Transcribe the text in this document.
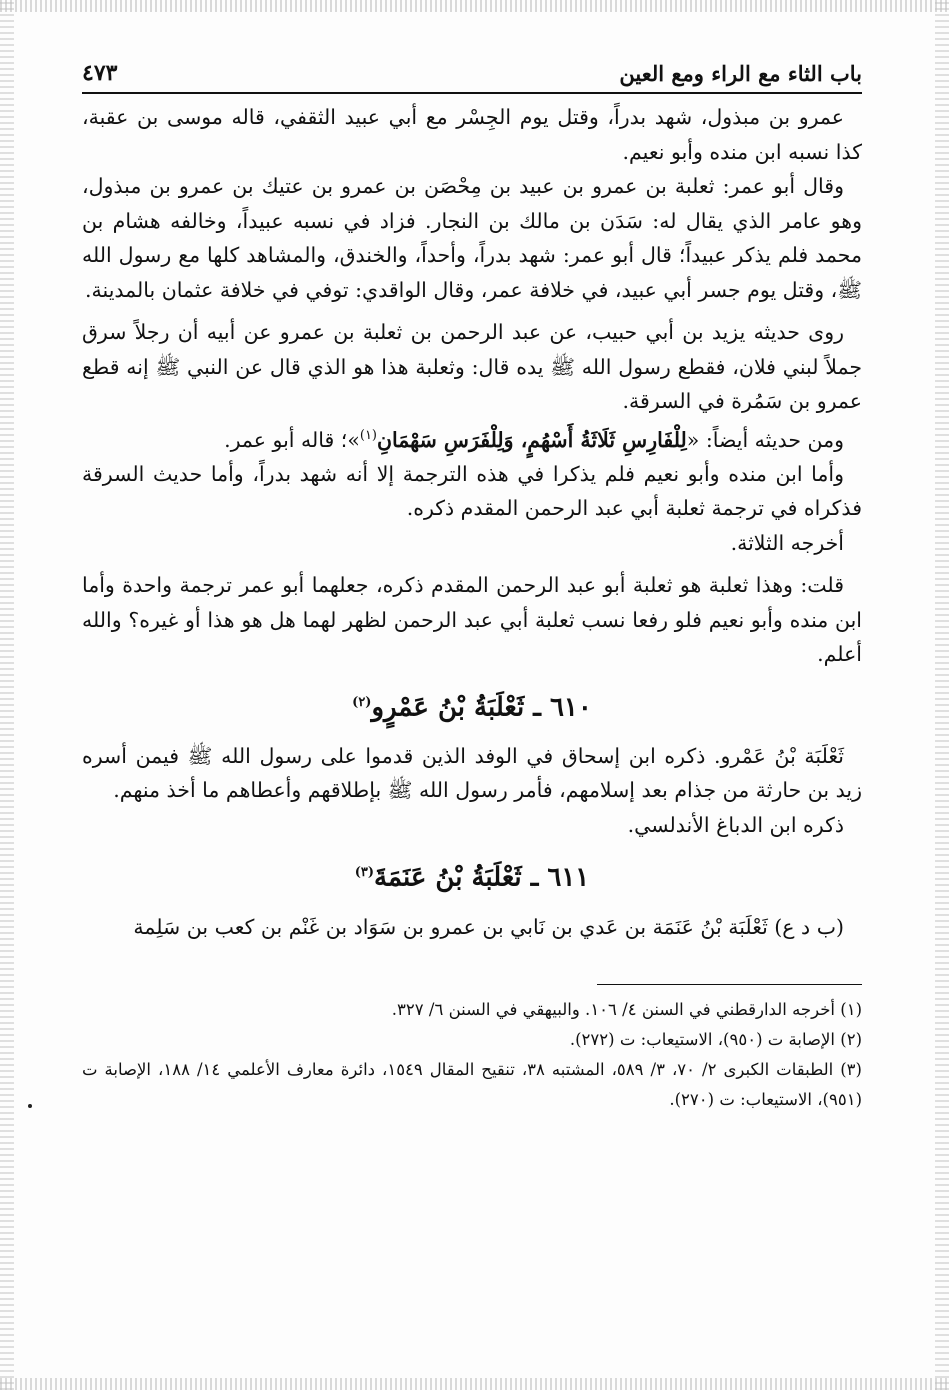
باب الثاء مع الراء ومع العين
٤٧٣

عمرو بن مبذول، شهد بدراً، وقتل يوم الجِسْر مع أبي عبيد الثقفي، قاله موسى بن عقبة، كذا نسبه ابن منده وأبو نعيم.

وقال أبو عمر: ثعلبة بن عمرو بن عبيد بن مِحْصَن بن عمرو بن عتيك بن عمرو بن مبذول، وهو عامر الذي يقال له: سَدَن بن مالك بن النجار. فزاد في نسبه عبيداً، وخالفه هشام بن محمد فلم يذكر عبيداً؛ قال أبو عمر: شهد بدراً، وأحداً، والخندق، والمشاهد كلها مع رسول الله ﷺ، وقتل يوم جسر أبي عبيد، في خلافة عمر، وقال الواقدي: توفي في خلافة عثمان بالمدينة.

روى حديثه يزيد بن أبي حبيب، عن عبد الرحمن بن ثعلبة بن عمرو عن أبيه أن رجلاً سرق جملاً لبني فلان، فقطع رسول الله ﷺ يده قال: وثعلبة هذا هو الذي قال عن النبي ﷺ إنه قطع عمرو بن سَمُرة في السرقة.

ومن حديثه أيضاً: «لِلْفَارِسِ ثَلَاثَةُ أَسْهُمٍ، وَلِلْفَرَسِ سَهْمَانِ$^{(١)}$»؛ قاله أبو عمر.

وأما ابن منده وأبو نعيم فلم يذكرا في هذه الترجمة إلا أنه شهد بدراً، وأما حديث السرقة فذكراه في ترجمة ثعلبة أبي عبد الرحمن المقدم ذكره.

أخرجه الثلاثة.

قلت: وهذا ثعلبة هو ثعلبة أبو عبد الرحمن المقدم ذكره، جعلهما أبو عمر ترجمة واحدة وأما ابن منده وأبو نعيم فلو رفعا نسب ثعلبة أبي عبد الرحمن لظهر لهما هل هو هذا أو غيره؟ والله أعلم.

٦١٠ ـ ثَعْلَبَةُ بْنُ عَمْرٍو$^{(٢)}$

ثَعْلَبَة بْنُ عَمْرو. ذكره ابن إسحاق في الوفد الذين قدموا على رسول الله ﷺ فيمن أسره زيد بن حارثة من جذام بعد إسلامهم، فأمر رسول الله ﷺ بإطلاقهم وأعطاهم ما أخذ منهم.

ذكره ابن الدباغ الأندلسي.

٦١١ ـ ثَعْلَبَةُ بْنُ عَنَمَةَ$^{(٣)}$

(ب د ع) ثَعْلَبَة بْنُ عَنَمَة بن عَدي بن نَابي بن عمرو بن سَوَاد بن غَنْم بن كعب بن سَلِمة

(١) أخرجه الدارقطني في السنن ٤/ ١٠٦. والبيهقي في السنن ٦/ ٣٢٧.
(٢) الإصابة ت (٩٥٠)، الاستيعاب: ت (٢٧٢).
(٣) الطبقات الكبرى ٢/ ٧٠، ٣/ ٥٨٩، المشتبه ٣٨، تنقيح المقال ١٥٤٩، دائرة معارف الأعلمي ١٤/ ١٨٨، الإصابة ت (٩٥١)، الاستيعاب: ت (٢٧٠).
